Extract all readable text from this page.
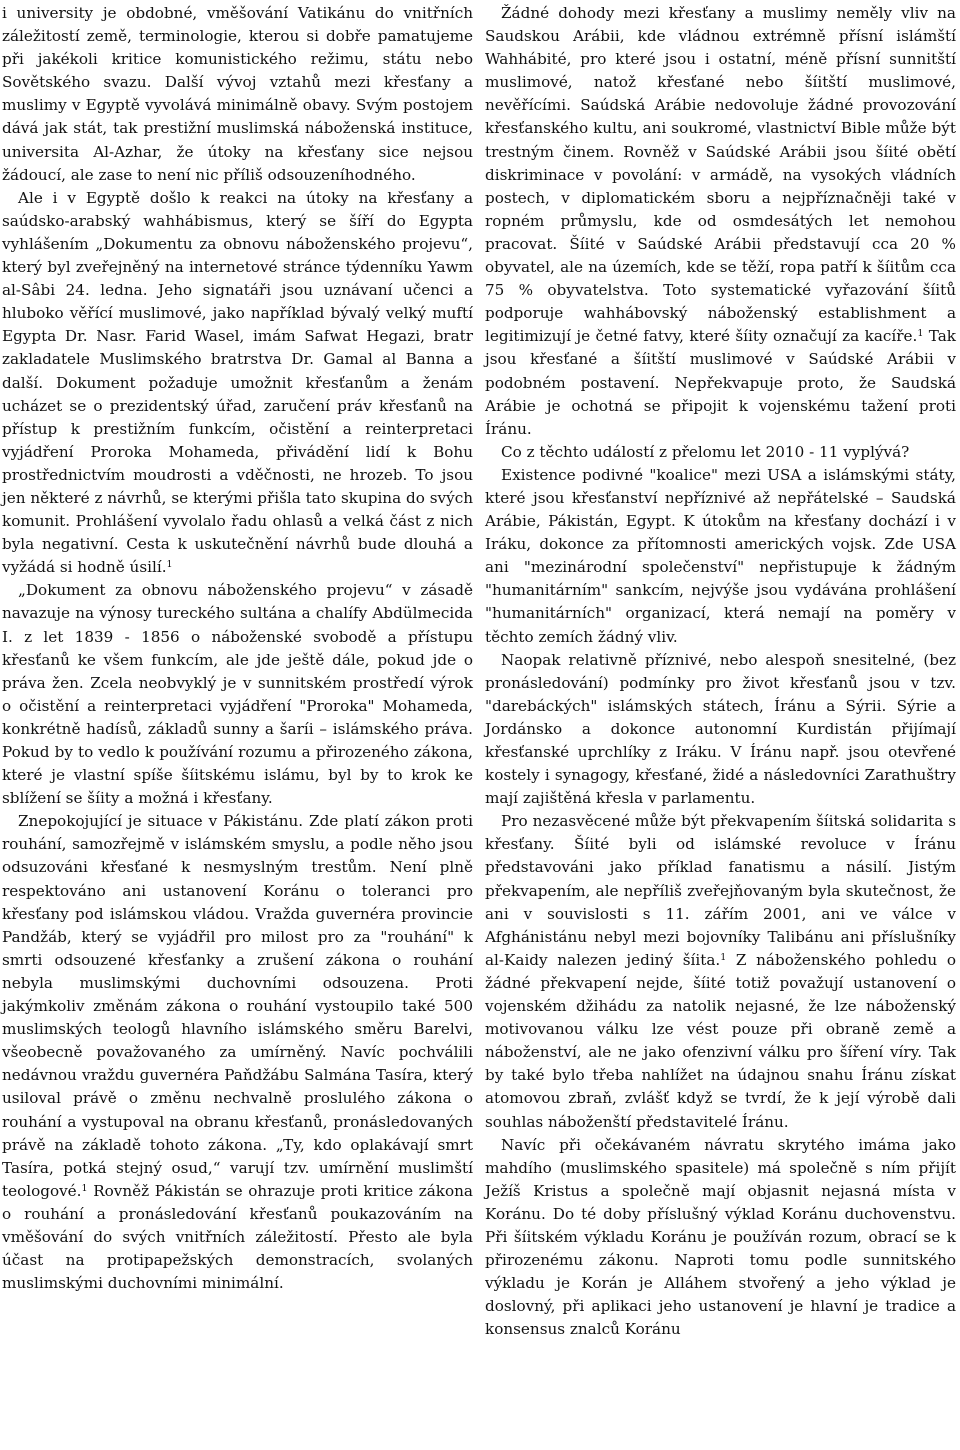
i university je obdobné, vměšování Vatikánu do vnitřních záležitostí země, terminologie, kterou si dobře pamatujeme při jakékoli kritice komunistického režimu, státu nebo Sovětského svazu. Další vývoj vztahů mezi křesťany a muslimy v Egyptě vyvolává minimálně obavy. Svým postojem dává jak stát, tak prestižní muslimská náboženská instituce, universita Al-Azhar, že útoky na křesťany sice nejsou žádoucí, ale zase to není nic příliš odsouzeníhodného.

Ale i v Egyptě došlo k reakci na útoky na křesťany a saúdsko-arabský wahhábismus, který se šíří do Egypta vyhlášením „Dokumentu za obnovu náboženského projevu“, který byl zveřejněný na internetové stránce týdenníku Yawm al-Sâbi 24. ledna. Jeho signatáři jsou uznávaní učenci a hluboko věřící muslimové, jako například bývalý velký muftí Egypta Dr. Nasr. Farid Wasel, imám Safwat Hegazi, bratr zakladatele Muslimského bratrstva Dr. Gamal al Banna a další. Dokument požaduje umožnit křesťanům a ženám ucházet se o prezidentský úřad, zaručení práv křesťanů na přístup k prestižním funkcím, očistění a reinterpretaci vyjádření Proroka Mohameda, přivádění lidí k Bohu prostřednictvím moudrosti a vděčnosti, ne hrozeb. To jsou jen některé z návrhů, se kterými přišla tato skupina do svých komunit. Prohlášení vyvolalo řadu ohlasů a velká část z nich byla negativní. Cesta k uskutečnění návrhů bude dlouhá a vyžádá si hodně úsilí.$^1$

„Dokument za obnovu náboženského projevu“ v zásadě navazuje na výnosy tureckého sultána a chalífy Abdülmecida I. z let 1839 - 1856 o náboženské svobodě a přístupu křesťanů ke všem funkcím, ale jde ještě dále, pokud jde o práva žen. Zcela neobvyklý je v sunnitském prostředí výrok o očistění a reinterpretaci vyjádření "Proroka" Mohameda, konkrétně hadísů, základů sunny a šaríi – islámského práva. Pokud by to vedlo k používání rozumu a přirozeného zákona, které je vlastní spíše šíitskému islámu, byl by to krok ke sblížení se šíity a možná i křesťany.

Znepokojující je situace v Pákistánu. Zde platí zákon proti rouhání, samozřejmě v islámském smyslu, a podle něho jsou odsuzováni křesťané k nesmyslným trestům. Není plně respektováno ani ustanovení Koránu o toleranci pro křesťany pod islámskou vládou. Vražda guvernéra provincie Pandžáb, který se vyjádřil pro milost pro za "rouhání" k smrti odsouzené křesťanky a zrušení zákona o rouhání nebyla muslimskými duchovními odsouzena. Proti jakýmkoliv změnám zákona o rouhání vystoupilo také 500 muslimských teologů hlavního islámského směru Barelvi, všeobecně považovaného za umírněný. Navíc pochválili nedávnou vraždu guvernéra Paňdžábu Salmána Tasíra, který usiloval právě o změnu nechvalně proslulého zákona o rouhání a vystupoval na obranu křesťanů, pronásledovaných právě na základě tohoto zákona. „Ty, kdo oplakávají smrt Tasíra, potká stejný osud,“ varují tzv. umírnění muslimští teologové.$^1$ Rovněž Pákistán se ohrazuje proti kritice zákona o rouhání a pronásledování křesťanů poukazováním na vměšování do svých vnitřních záležitostí. Přesto ale byla účast na protipapežských demonstracích, svolaných muslimskými duchovními minimální.

Žádné dohody mezi křesťany a muslimy neměly vliv na Saudskou Arábii, kde vládnou extrémně přísní islámští Wahhábité, pro které jsou i ostatní, méně přísní sunnitští muslimové, natož křesťané nebo šíitští muslimové, nevěřícími. Saúdská Arábie nedovoluje žádné provozování křesťanského kultu, ani soukromé, vlastnictví Bible může být trestným činem. Rovněž v Saúdské Arábii jsou šíité obětí diskriminace v povolání: v armádě, na vysokých vládních postech, v diplomatickém sboru a nejpříznačněji také v ropném průmyslu, kde od osmdesátých let nemohou pracovat. Šíité v Saúdské Arábii představují cca 20 % obyvatel, ale na územích, kde se těží, ropa patří k šíitům cca 75 % obyvatelstva. Toto systematické vyřazování šíitů podporuje wahhábovský náboženský establishment a legitimizují je četné fatvy, které šíity označují za kacíře.$^1$ Tak jsou křesťané a šíitští muslimové v Saúdské Arábii v podobném postavení. Nepřekvapuje proto, že Saudská Arábie je ochotná se připojit k vojenskému tažení proti Íránu.

Co z těchto událostí z přelomu let 2010 - 11 vyplývá?

Existence podivné "koalice" mezi USA a islámskými státy, které jsou křesťanství nepříznivé až nepřátelské – Saudská Arábie, Pákistán, Egypt. K útokům na křesťany dochází i v Iráku, dokonce za přítomnosti amerických vojsk. Zde USA ani "mezinárodní společenství" nepřistupuje k žádným "humanitárním" sankcím, nejvýše jsou vydávána prohlášení "humanitárních" organizací, která nemají na poměry v těchto zemích žádný vliv.

Naopak relativně příznivé, nebo alespoň snesitelné, (bez pronásledování) podmínky pro život křesťanů jsou v tzv. "darebáckých" islámských státech, Íránu a Sýrii. Sýrie a Jordánsko a dokonce autonomní Kurdistán přijímají křesťanské uprchlíky z Iráku. V Íránu např. jsou otevřené kostely i synagogy, křesťané, židé a následovníci Zarathuštry mají zajištěná křesla v parlamentu.

Pro nezasvěcené může být překvapením šíitská solidarita s křesťany. Šíité byli od islámské revoluce v Íránu představováni jako příklad fanatismu a násilí. Jistým překvapením, ale nepříliš zveřejňovaným byla skutečnost, že ani v souvislosti s 11. zářím 2001, ani ve válce v Afghánistánu nebyl mezi bojovníky Talibánu ani příslušníky al-Kaidy nalezen jediný šíita.$^1$ Z náboženského pohledu o žádné překvapení nejde, šíité totiž považují ustanovení o vojenském džihádu za natolik nejasné, že lze náboženský motivovanou válku lze vést pouze při obraně země a náboženství, ale ne jako ofenzivní válku pro šíření víry. Tak by také bylo třeba nahlížet na údajnou snahu Íránu získat atomovou zbraň, zvlášť když se tvrdí, že k její výrobě dali souhlas náboženští představitelé Íránu.

Navíc při očekávaném návratu skrytého imáma jako mahdího (muslimského spasitele) má společně s ním přijít Ježíš Kristus a společně mají objasnit nejasná místa v Koránu. Do té doby příslušný výklad Koránu duchovenstvu. Při šíitském výkladu Koránu je používán rozum, obrací se k přirozenému zákonu. Naproti tomu podle sunnitského výkladu je Korán je Alláhem stvořený a jeho výklad je doslovný, při aplikaci jeho ustanovení je hlavní je tradice a konsensus znalců Koránu
